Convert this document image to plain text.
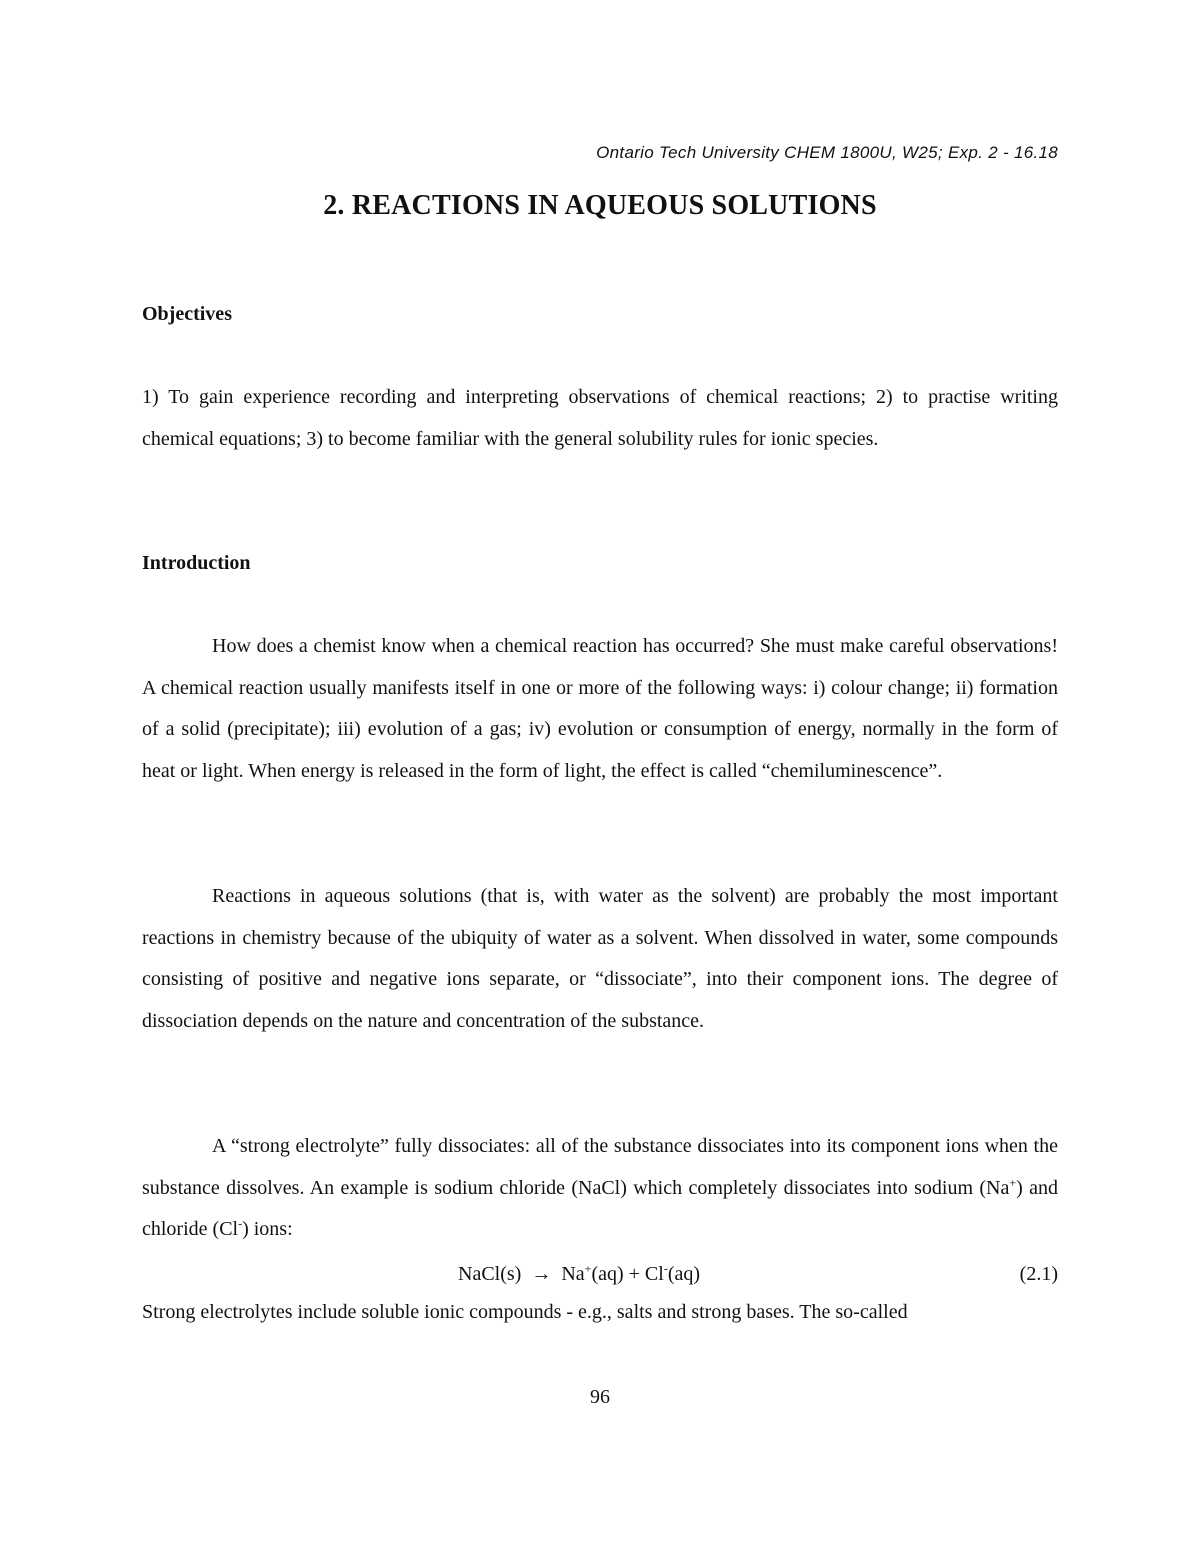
Ontario Tech University CHEM 1800U, W25; Exp. 2 - 16.18
2. REACTIONS IN AQUEOUS SOLUTIONS
Objectives

1) To gain experience recording and interpreting observations of chemical reactions; 2) to practise writing chemical equations; 3) to become familiar with the general solubility rules for ionic species.

Introduction

How does a chemist know when a chemical reaction has occurred? She must make careful observations! A chemical reaction usually manifests itself in one or more of the following ways: i) colour change; ii) formation of a solid (precipitate); iii) evolution of a gas; iv) evolution or consumption of energy, normally in the form of heat or light. When energy is released in the form of light, the effect is called “chemiluminescence”.

Reactions in aqueous solutions (that is, with water as the solvent) are probably the most important reactions in chemistry because of the ubiquity of water as a solvent. When dissolved in water, some compounds consisting of positive and negative ions separate, or “dissociate”, into their component ions. The degree of dissociation depends on the nature and concentration of the substance.

A “strong electrolyte” fully dissociates: all of the substance dissociates into its component ions when the substance dissolves. An example is sodium chloride (NaCl) which completely dissociates into sodium (Na+) and chloride (Cl-) ions:

NaCl(s) → Na+(aq) + Cl-(aq)	(2.1)

Strong electrolytes include soluble ionic compounds - e.g., salts and strong bases. The so-called

96
